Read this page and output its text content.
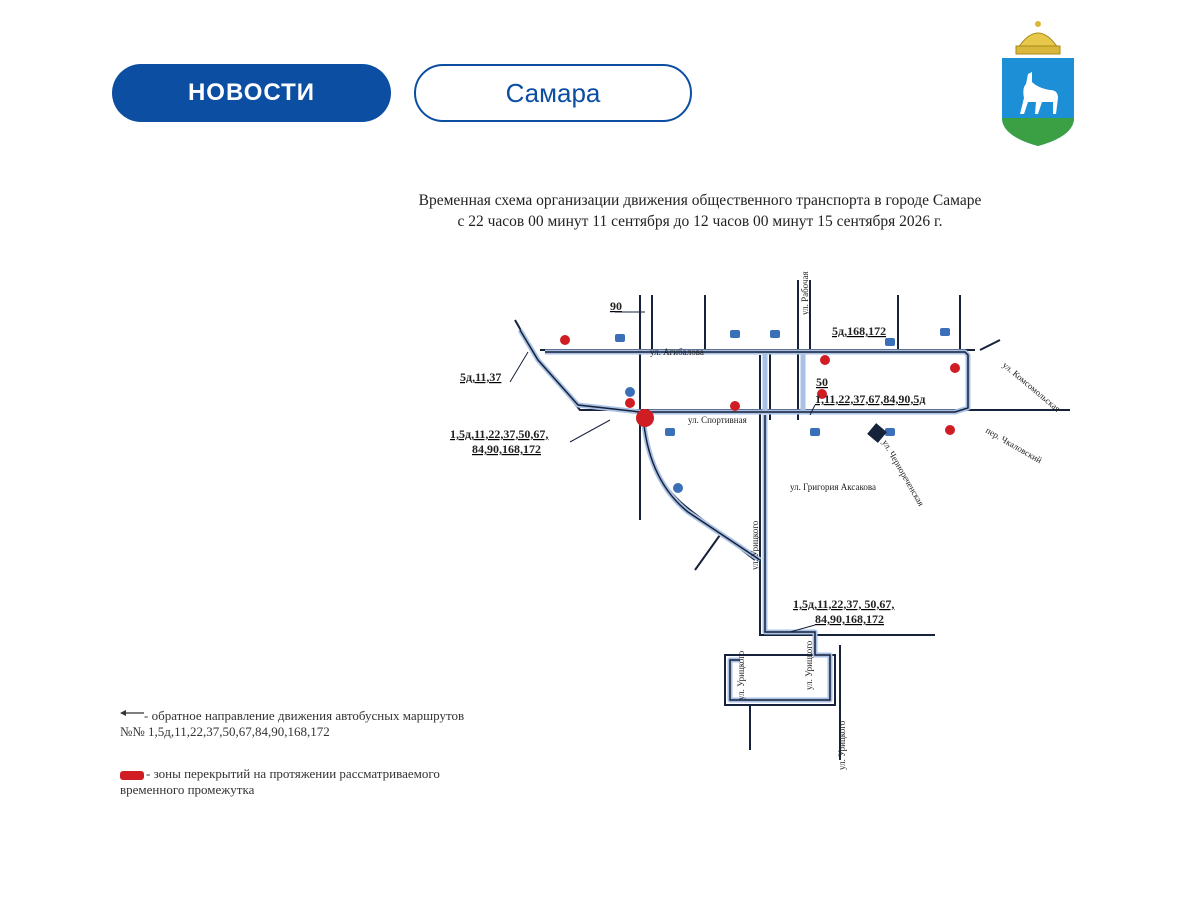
НОВОСТИ	Самара
Временная схема организации движения общественного транспорта в городе Самаре
с 22 часов 00 минут 11 сентября до 12 часов 00 минут 15 сентября 2026 г.
90
5д,11,37
5д,168,172
50
1,11,22,37,67,84,90,5д
1,5д,11,22,37,50,67,
84,90,168,172
1,5д,11,22,37, 50,67,
84,90,168,172
ул. Агибалова
ул. Спортивная
ул. Григория Аксакова
ул. Комсомольская
пер. Чкаловский
ул. Чернореченская
ул. Урицкого
ул. Урицкого	ул. Урицкого
ул. Урицкого
ул. Рабочая
- обратное направление движения автобусных маршрутов
№№ 1,5д,11,22,37,50,67,84,90,168,172
- зоны перекрытий на протяжении рассматриваемого
временного промежутка
